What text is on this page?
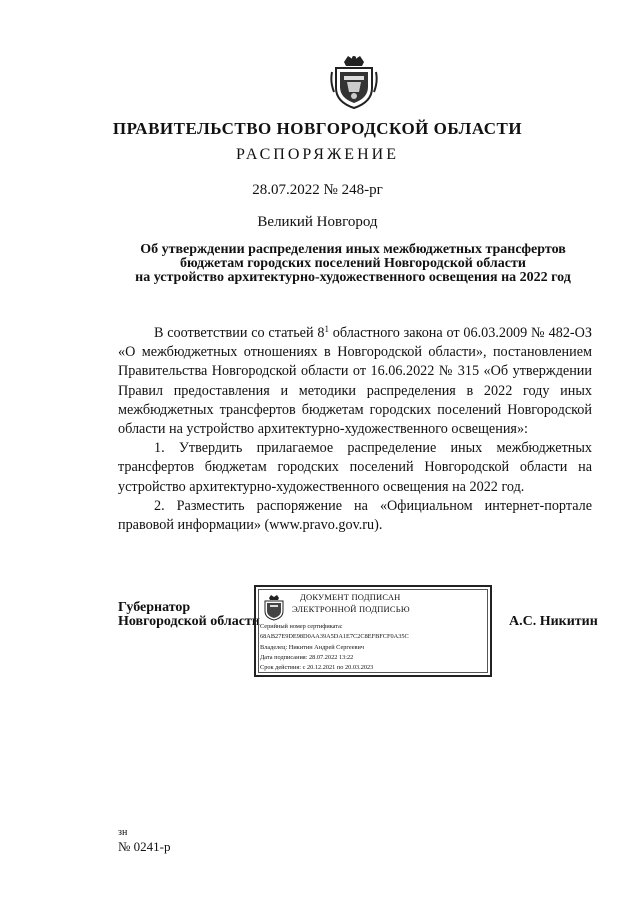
ПРАВИТЕЛЬСТВО НОВГОРОДСКОЙ ОБЛАСТИ
РАСПОРЯЖЕНИЕ
28.07.2022 № 248-рг
Великий Новгород
Об утверждении распределения иных межбюджетных трансфертов
бюджетам городских поселений Новгородской области
на устройство архитектурно-художественного освещения на 2022 год

В соответствии со статьей $8^1$ областного закона от 06.03.2009 № 482-ОЗ «О межбюджетных отношениях в Новгородской области», постановлением Правительства Новгородской области от 16.06.2022 № 315 «Об утверждении Правил предоставления и методики распределения в 2022 году иных межбюджетных трансфертов бюджетам городских поселений Новгородской области на устройство архитектурно-художественного освещения»:

1. Утвердить прилагаемое распределение иных межбюджетных трансфертов бюджетам городских поселений Новгородской области на устройство архитектурно-художественного освещения на 2022 год.

2. Разместить распоряжение на «Официальном интернет-портале правовой информации» (www.pravo.gov.ru).

Губернатор
Новгородской области
ДОКУМЕНТ ПОДПИСАН
ЭЛЕКТРОННОЙ ПОДПИСЬЮ
Серийный номер сертификата:
68AB27E9DE98D0AA39A5DA1E7C2C8EFBFCF0A35C
Владелец: Никитин Андрей Сергеевич
Дата подписания: 28.07.2022 13:22
Срок действия: с 20.12.2021 по 20.03.2023
А.С. Никитин
зн
№ 0241-р
